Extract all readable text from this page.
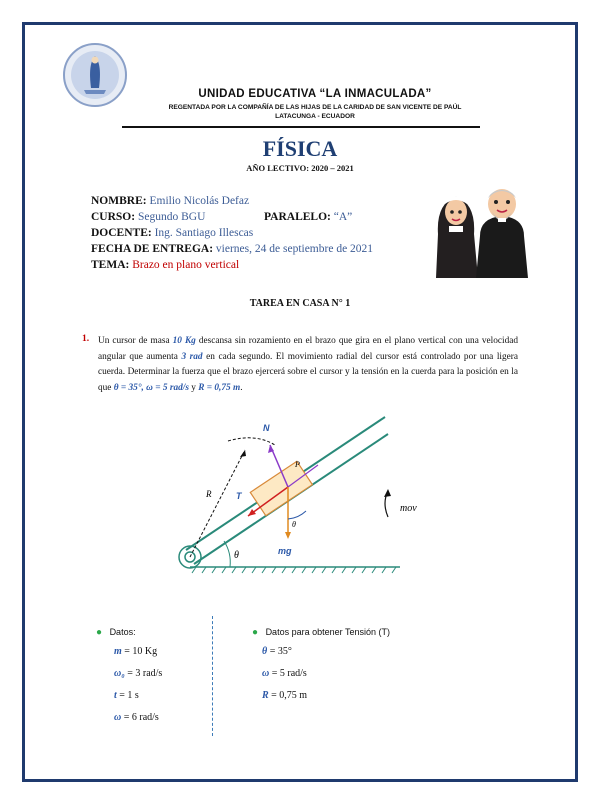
UNIDAD EDUCATIVA “LA INMACULADA”
REGENTADA POR LA COMPAÑÍA DE LAS HIJAS DE LA CARIDAD DE SAN VICENTE DE PAÚL
LATACUNGA - ECUADOR
FÍSICA
AÑO LECTIVO: 2020 – 2021
NOMBRE: Emilio Nicolás Defaz
CURSO: Segundo BGU	PARALELO: “A”
DOCENTE: Ing. Santiago Illescas
FECHA DE ENTREGA: viernes, 24 de septiembre de 2021
TEMA: Brazo en plano vertical
TAREA EN CASA N° 1
1. Un cursor de masa 10 Kg descansa sin rozamiento en el brazo que gira en el plano vertical con una velocidad angular que aumenta 3 rad en cada segundo. El movimiento radial del cursor está controlado por una ligera cuerda. Determinar la fuerza que el brazo ejercerá sobre el cursor y la tensión en la cuerda para la posición en la que θ = 35°, ω = 5 rad/s y R = 0,75 m.
θ
R
N
P
T
mg
θ
mov
● Datos:
m = 10 Kg
ω₀ = 3 rad/s
t = 1 s
ω = 6 rad/s
● Datos para obtener Tensión (T)
θ = 35°
ω = 5 rad/s
R = 0,75 m
